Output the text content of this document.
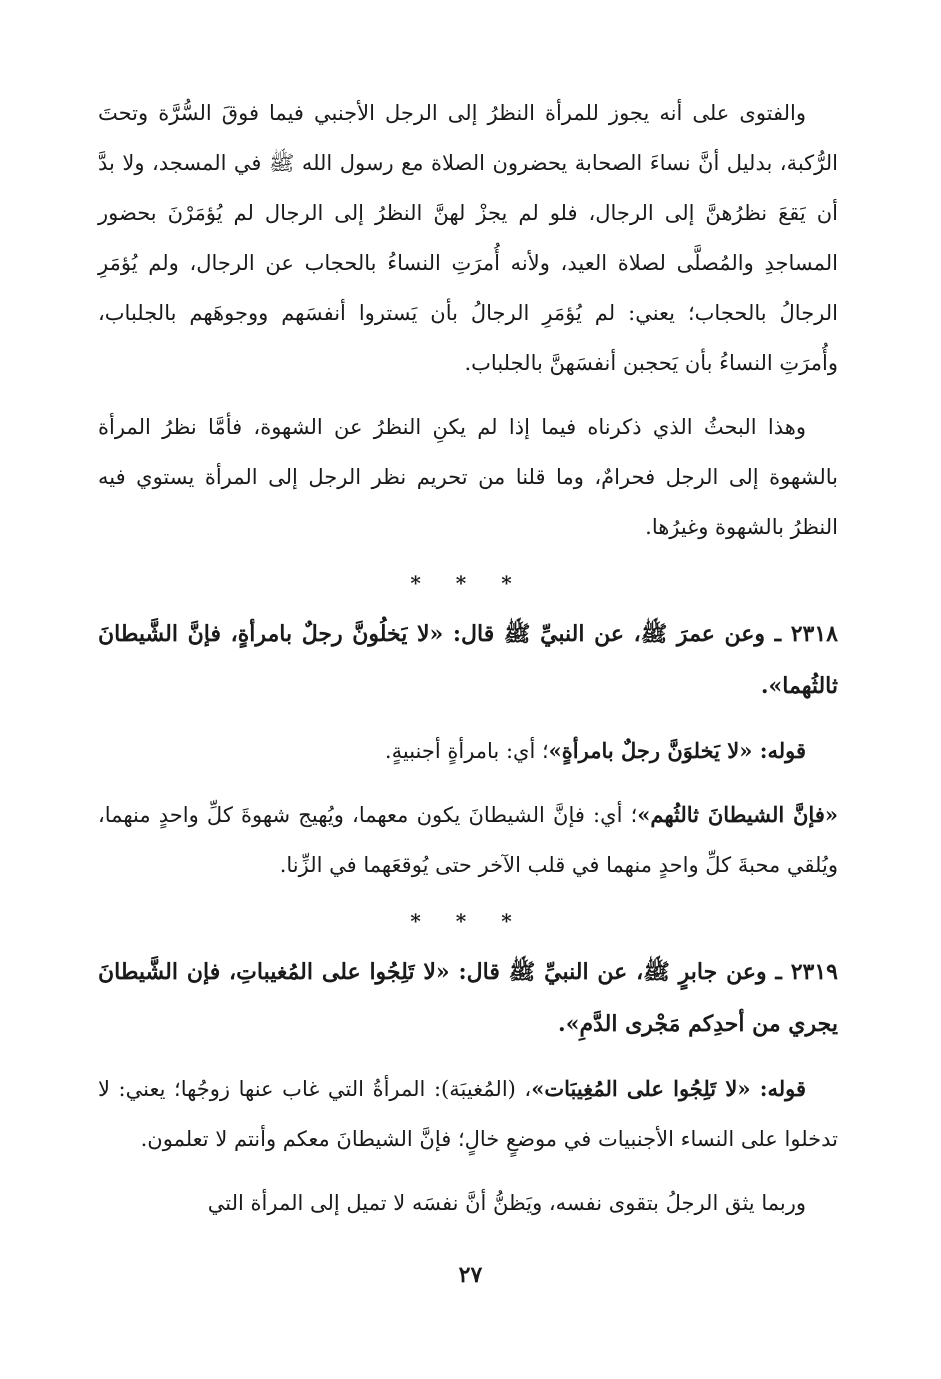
والفتوى على أنه يجوز للمرأة النظرُ إلى الرجل الأجنبي فيما فوقَ السُّرَّة وتحتَ الرُّكبة، بدليل أنَّ نساءَ الصحابة يحضرون الصلاة مع رسول الله ﷺ في المسجد، ولا بدَّ أن يَقعَ نظرُهنَّ إلى الرجال، فلو لم يجزْ لهنَّ النظرُ إلى الرجال لم يُؤمَرْنَ بحضور المساجدِ والمُصلَّى لصلاة العيد، ولأنه أُمرَتِ النساءُ بالحجاب عن الرجال، ولم يُؤمَرِ الرجالُ بالحجاب؛ يعني: لم يُؤمَرِ الرجالُ بأن يَستروا أنفسَهم ووجوهَهم بالجلباب، وأُمرَتِ النساءُ بأن يَحجبن أنفسَهنَّ بالجلباب.

وهذا البحثُ الذي ذكرناه فيما إذا لم يكنِ النظرُ عن الشهوة، فأمَّا نظرُ المرأة بالشهوة إلى الرجل فحرامٌ، وما قلنا من تحريم نظر الرجل إلى المرأة يستوي فيه النظرُ بالشهوة وغيرُها.

* * *

٢٣١٨ ـ وعن عمرَ ﷺ، عن النبيِّ ﷺ قال: «لا يَخلُونَّ رجلٌ بامرأةٍ، فإنَّ الشَّيطانَ ثالثُهما».

قوله: «لا يَخلوَنَّ رجلٌ بامرأةٍ»؛ أي: بامرأةٍ أجنبيةٍ.

«فإنَّ الشيطانَ ثالثُهم»؛ أي: فإنَّ الشيطانَ يكون معهما، ويُهيج شهوةَ كلِّ واحدٍ منهما، ويُلقي محبةَ كلِّ واحدٍ منهما في قلب الآخر حتى يُوقعَهما في الزِّنا.

* * *

٢٣١٩ ـ وعن جابرٍ ﷺ، عن النبيِّ ﷺ قال: «لا تَلِجُوا على المُغيباتِ، فإن الشَّيطانَ يجري من أحدِكم مَجْرى الدَّمِ».

قوله: «لا تَلِجُوا على المُغِيبَات»، (المُغيبَة): المرأةُ التي غاب عنها زوجُها؛ يعني: لا تدخلوا على النساء الأجنبيات في موضعٍ خالٍ؛ فإنَّ الشيطانَ معكم وأنتم لا تعلمون.

وربما يثق الرجلُ بتقوى نفسه، ويَظنُّ أنَّ نفسَه لا تميل إلى المرأة التي

٢٧
